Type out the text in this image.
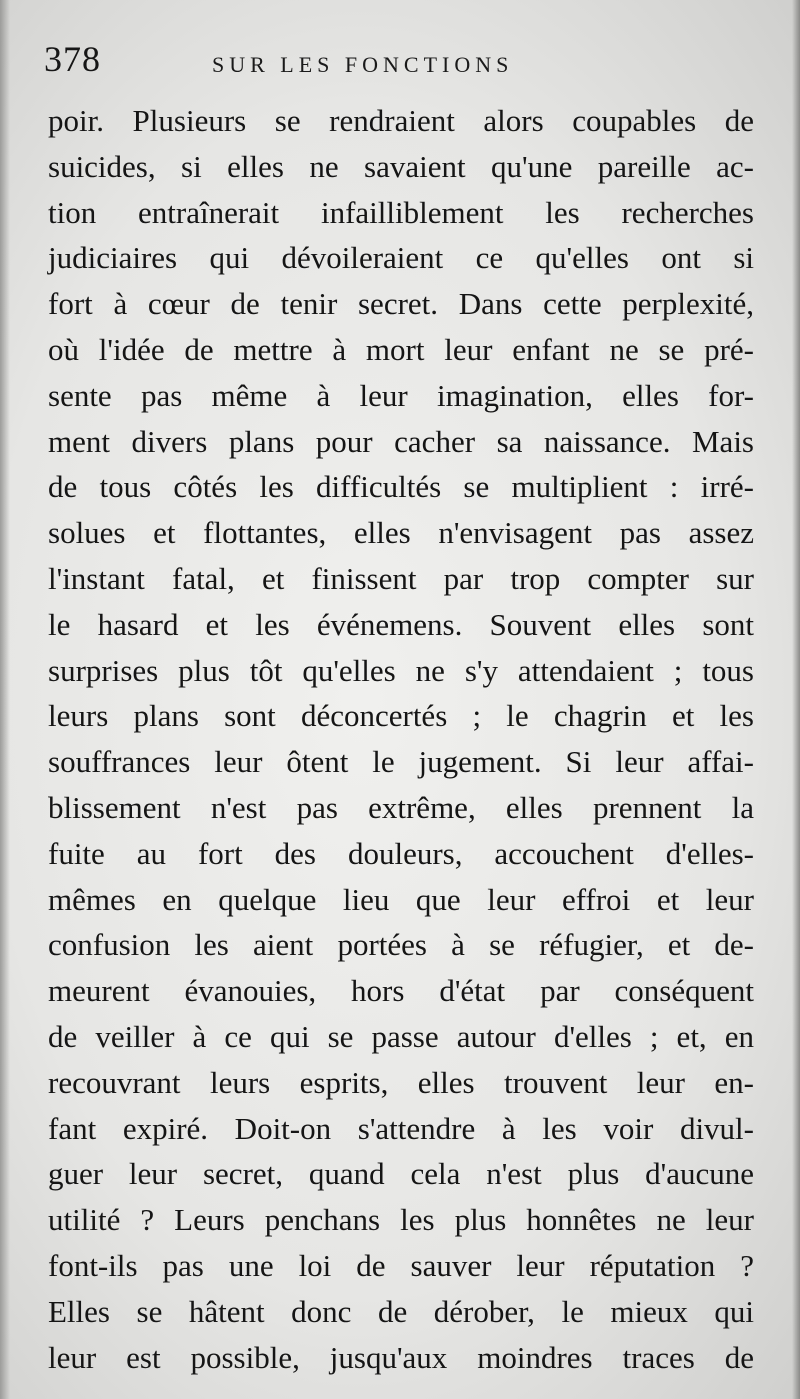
378	SUR LES FONCTIONS
poir. Plusieurs se rendraient alors coupables de
suicides, si elles ne savaient qu'une pareille ac-
tion entraînerait infailliblement les recherches
judiciaires qui dévoileraient ce qu'elles ont si
fort à cœur de tenir secret. Dans cette perplexité,
où l'idée de mettre à mort leur enfant ne se pré-
sente pas même à leur imagination, elles for-
ment divers plans pour cacher sa naissance. Mais
de tous côtés les difficultés se multiplient : irré-
solues et flottantes, elles n'envisagent pas assez
l'instant fatal, et finissent par trop compter sur
le hasard et les événemens. Souvent elles sont
surprises plus tôt qu'elles ne s'y attendaient ; tous
leurs plans sont déconcertés ; le chagrin et les
souffrances leur ôtent le jugement. Si leur affai-
blissement n'est pas extrême, elles prennent la
fuite au fort des douleurs, accouchent d'elles-
mêmes en quelque lieu que leur effroi et leur
confusion les aient portées à se réfugier, et de-
meurent évanouies, hors d'état par conséquent
de veiller à ce qui se passe autour d'elles ; et, en
recouvrant leurs esprits, elles trouvent leur en-
fant expiré. Doit-on s'attendre à les voir divul-
guer leur secret, quand cela n'est plus d'aucune
utilité ? Leurs penchans les plus honnêtes ne leur
font-ils pas une loi de sauver leur réputation ?
Elles se hâtent donc de dérober, le mieux qui
leur est possible, jusqu'aux moindres traces de
